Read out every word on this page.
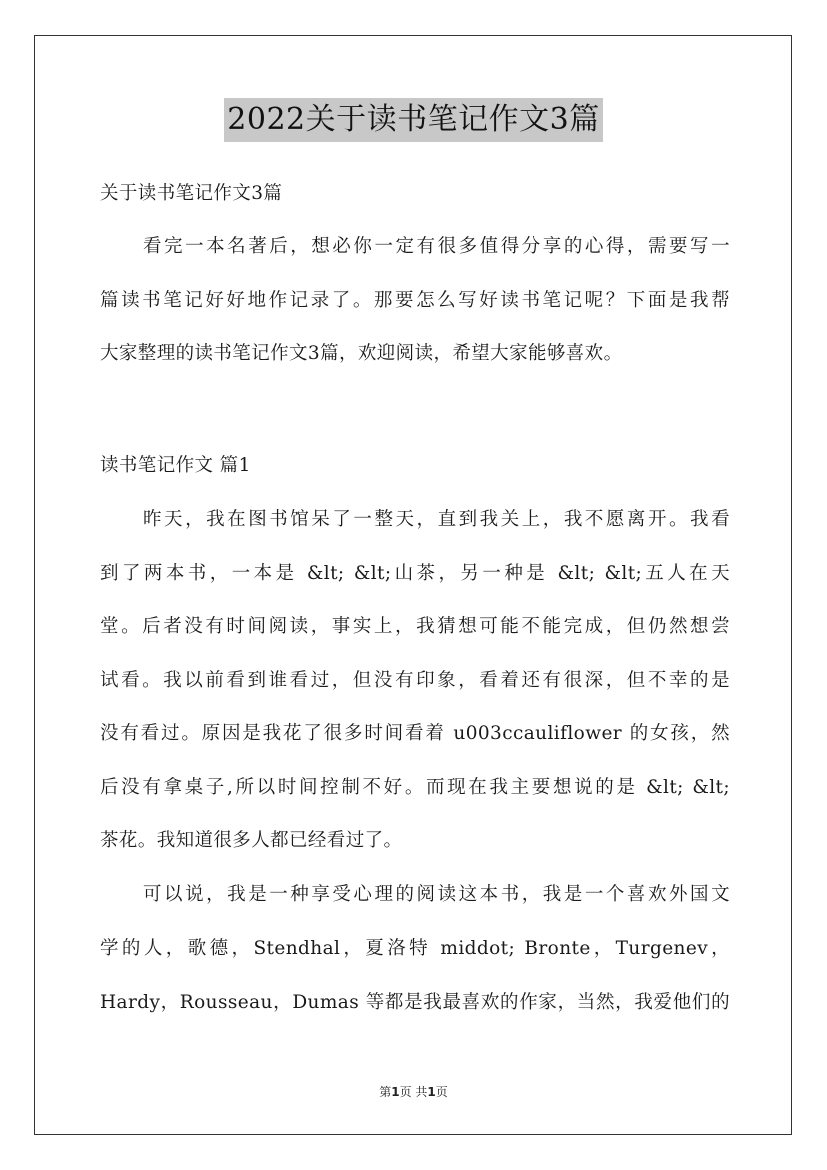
2022关于读书笔记作文3篇
关于读书笔记作文3篇
看完一本名著后，想必你一定有很多值得分享的心得，需要写一
篇读书笔记好好地作记录了。那要怎么写好读书笔记呢？下面是我帮
大家整理的读书笔记作文3篇，欢迎阅读，希望大家能够喜欢。
读书笔记作文 篇1
昨天，我在图书馆呆了一整天，直到我关上，我不愿离开。我看
到了两本书，一本是 &lt; &lt;山茶，另一种是 &lt; &lt;五人在天
堂。后者没有时间阅读，事实上，我猜想可能不能完成，但仍然想尝
试看。我以前看到谁看过，但没有印象，看着还有很深，但不幸的是
没有看过。原因是我花了很多时间看着 u003ccauliflower 的女孩，然
后没有拿桌子,所以时间控制不好。而现在我主要想说的是 &lt; &lt;
茶花。我知道很多人都已经看过了。
可以说，我是一种享受心理的阅读这本书，我是一个喜欢外国文
学的人，歌德，Stendhal，夏洛特 middot; Bronte，Turgenev，
Hardy，Rousseau，Dumas 等都是我最喜欢的作家，当然，我爱他们的
第1页 共1页
